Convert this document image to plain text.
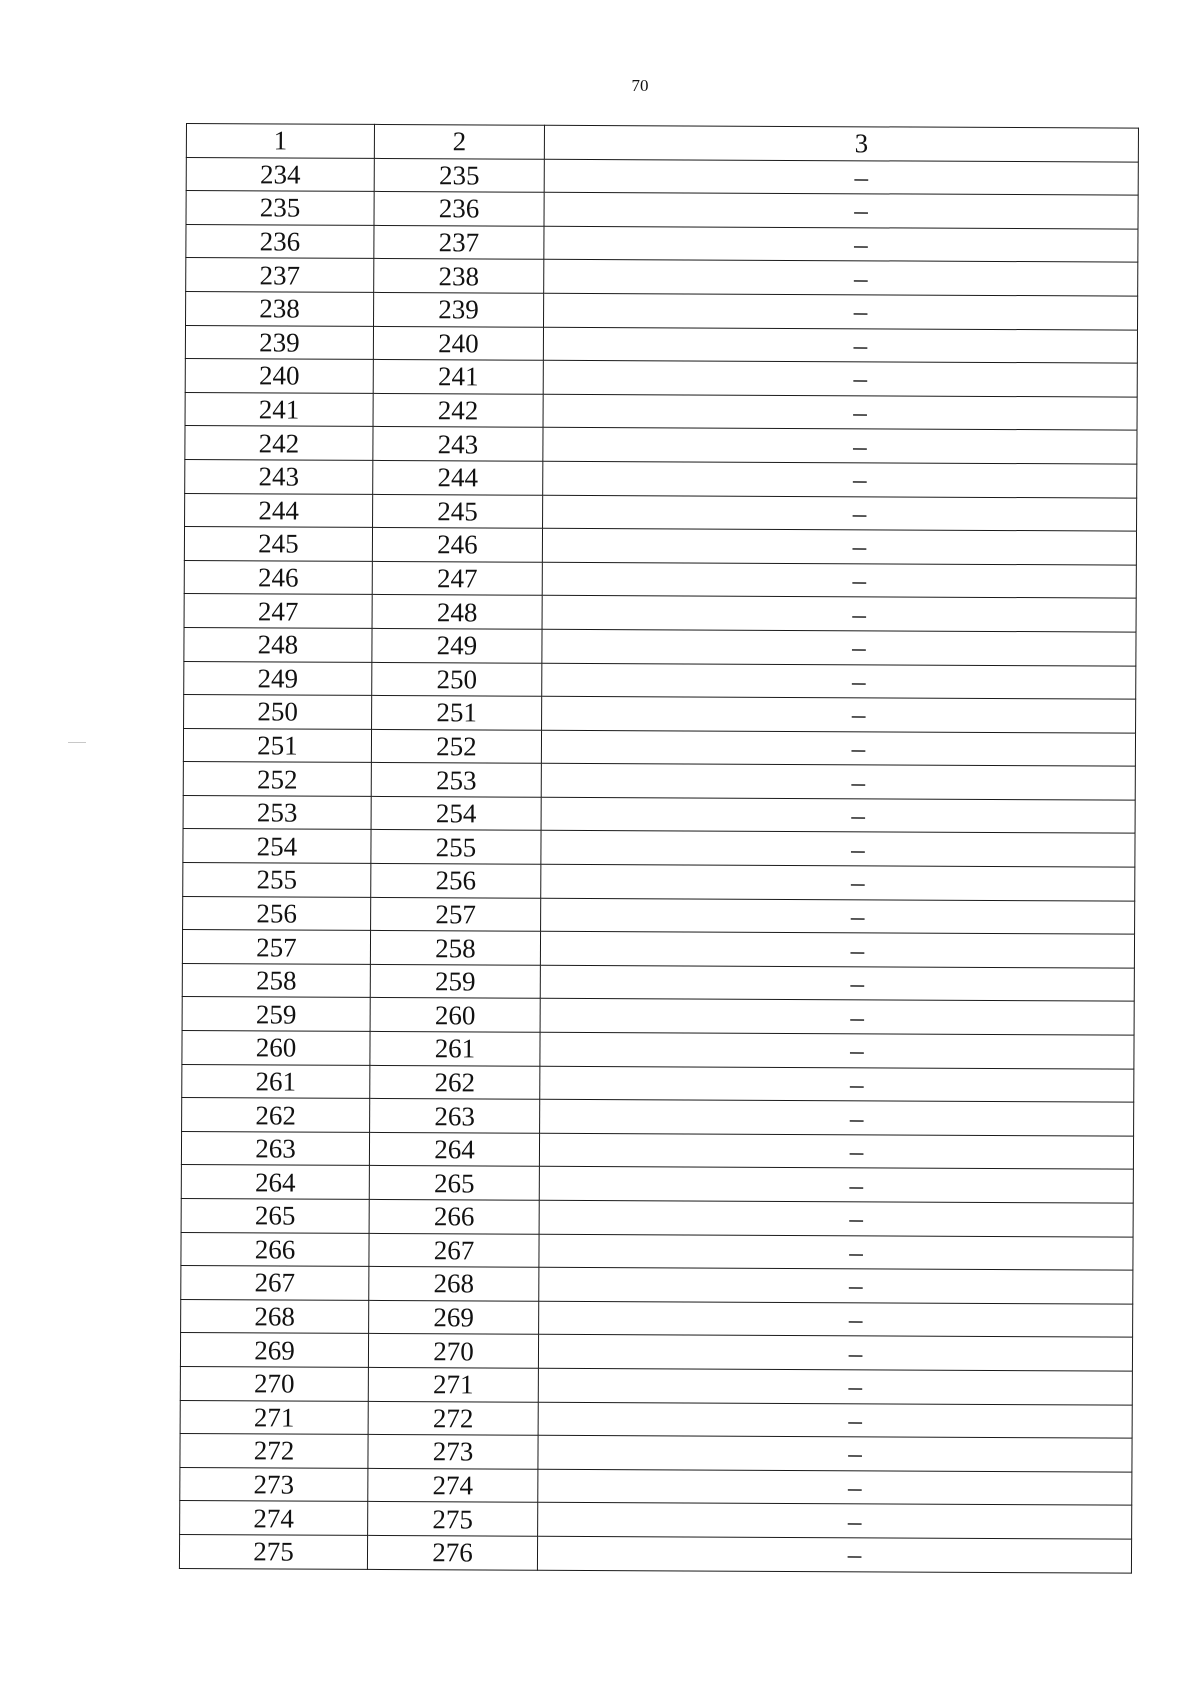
70
1	2	3
234	235	–
235	236	–
236	237	–
237	238	–
238	239	–
239	240	–
240	241	–
241	242	–
242	243	–
243	244	–
244	245	–
245	246	–
246	247	–
247	248	–
248	249	–
249	250	–
250	251	–
251	252	–
252	253	–
253	254	–
254	255	–
255	256	–
256	257	–
257	258	–
258	259	–
259	260	–
260	261	–
261	262	–
262	263	–
263	264	–
264	265	–
265	266	–
266	267	–
267	268	–
268	269	–
269	270	–
270	271	–
271	272	–
272	273	–
273	274	–
274	275	–
275	276	–
